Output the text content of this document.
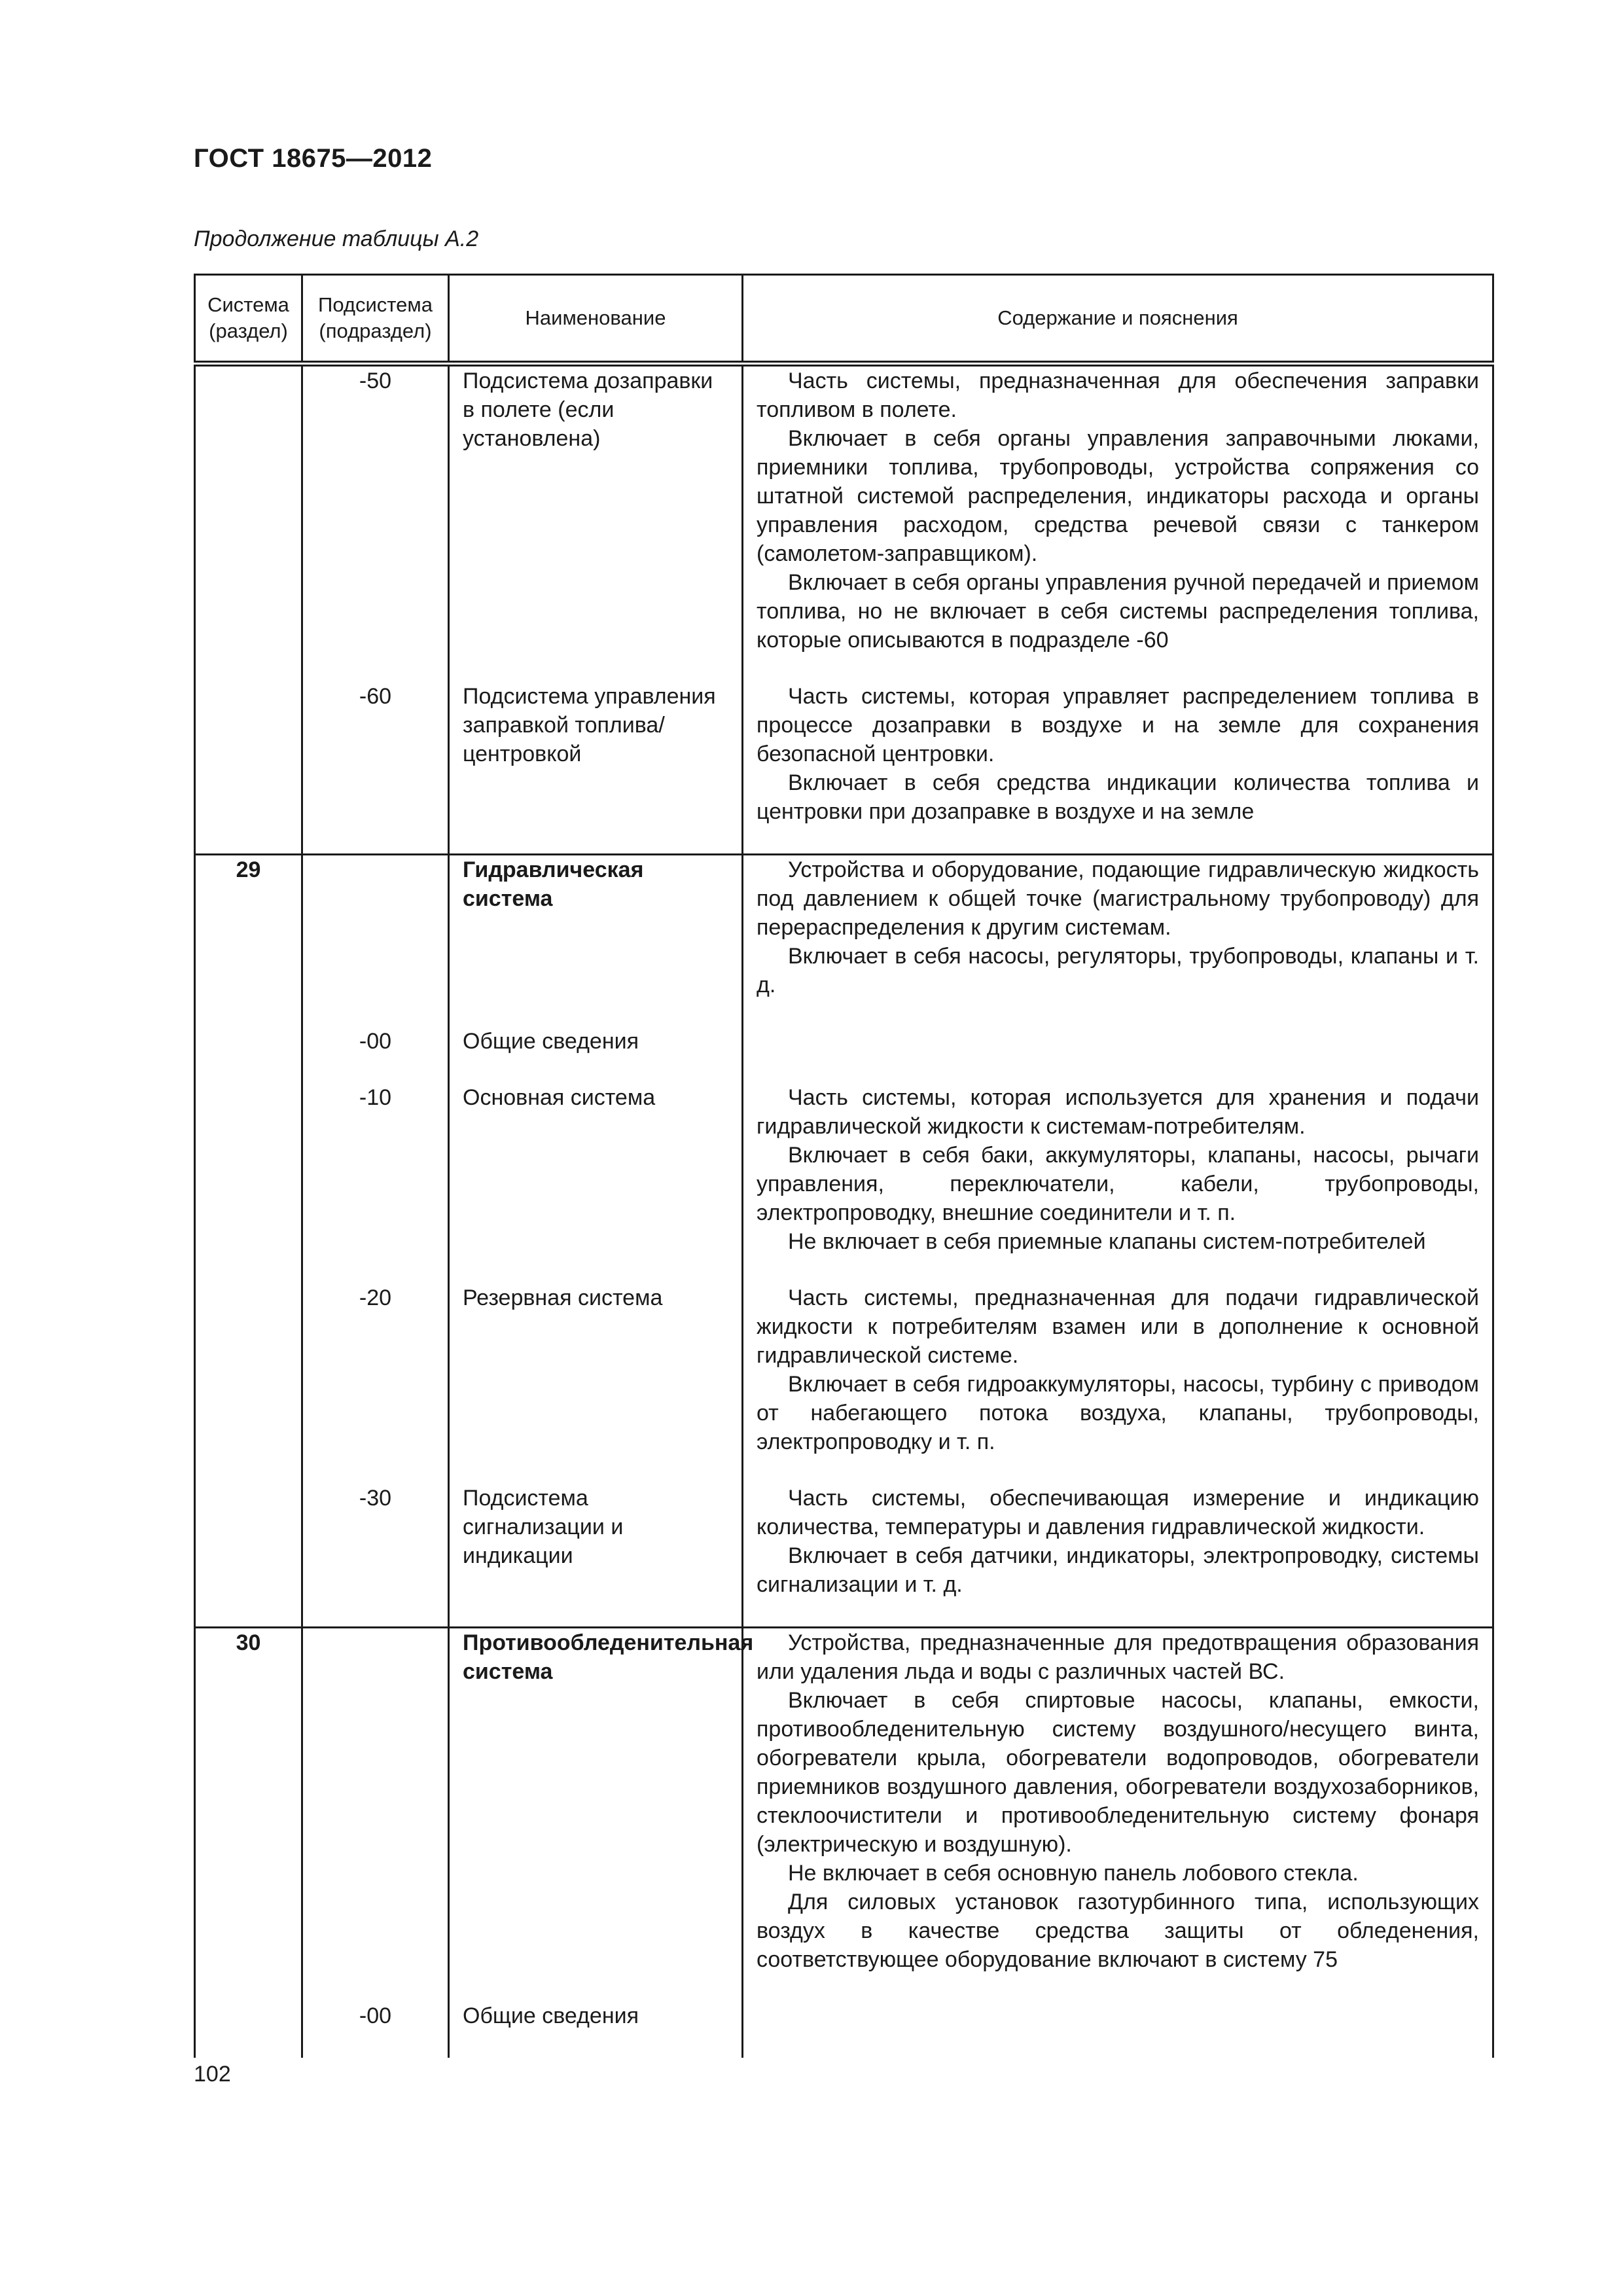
ГОСТ 18675—2012
Продолжение таблицы А.2
Система (раздел)	Подсистема (подраздел)	Наименование	Содержание и пояснения
	-50	Подсистема дозаправки в полете (если установлена)	Часть системы, предназначенная для обеспечения заправки топливом в полете.

Включает в себя органы управления заправочными люками, приемники топлива, трубопроводы, устройства сопряжения со штатной системой распределения, индикаторы расхода и органы управления расходом, средства речевой связи с танкером (самолетом-заправщиком).

Включает в себя органы управления ручной передачей и приемом топлива, но не включает в себя системы распределения топлива, которые описываются в подразделе -60

	-60	Подсистема управления заправкой топлива/центровкой	Часть системы, которая управляет распределением топлива в процессе дозаправки в воздухе и на земле для сохранения безопасной центровки.

Включает в себя средства индикации количества топлива и центровки при дозаправке в воздухе и на земле

29		Гидравлическая система	Устройства и оборудование, подающие гидравлическую жидкость под давлением к общей точке (магистральному трубопроводу) для перераспределения к другим системам.

Включает в себя насосы, регуляторы, трубопроводы, клапаны и т. д.

	-00	Общие сведения	
	-10	Основная система	Часть системы, которая используется для хранения и подачи гидравлической жидкости к системам-потребителям.

Включает в себя баки, аккумуляторы, клапаны, насосы, рычаги управления, переключатели, кабели, трубопроводы, электропроводку, внешние соединители и т. п.

Не включает в себя приемные клапаны систем-потребителей

	-20	Резервная система	Часть системы, предназначенная для подачи гидравлической жидкости к потребителям взамен или в дополнение к основной гидравлической системе.

Включает в себя гидроаккумуляторы, насосы, турбину с приводом от набегающего потока воздуха, клапаны, трубопроводы, электропроводку и т. п.

	-30	Подсистема сигнализации и индикации	Часть системы, обеспечивающая измерение и индикацию количества, температуры и давления гидравлической жидкости.

Включает в себя датчики, индикаторы, электропроводку, системы сигнализации и т. д.

30		Противообледенительная система	Устройства, предназначенные для предотвращения образования или удаления льда и воды с различных частей ВС.

Включает в себя спиртовые насосы, клапаны, емкости, противообледенительную систему воздушного/несущего винта, обогреватели крыла, обогреватели водопроводов, обогреватели приемников воздушного давления, обогреватели воздухозаборников, стеклоочистители и противообледенительную систему фонаря (электрическую и воздушную).

Не включает в себя основную панель лобового стекла.

Для силовых установок газотурбинного типа, использующих воздух в качестве средства защиты от обледенения, соответствующее оборудование включают в систему 75

	-00	Общие сведения	
102
